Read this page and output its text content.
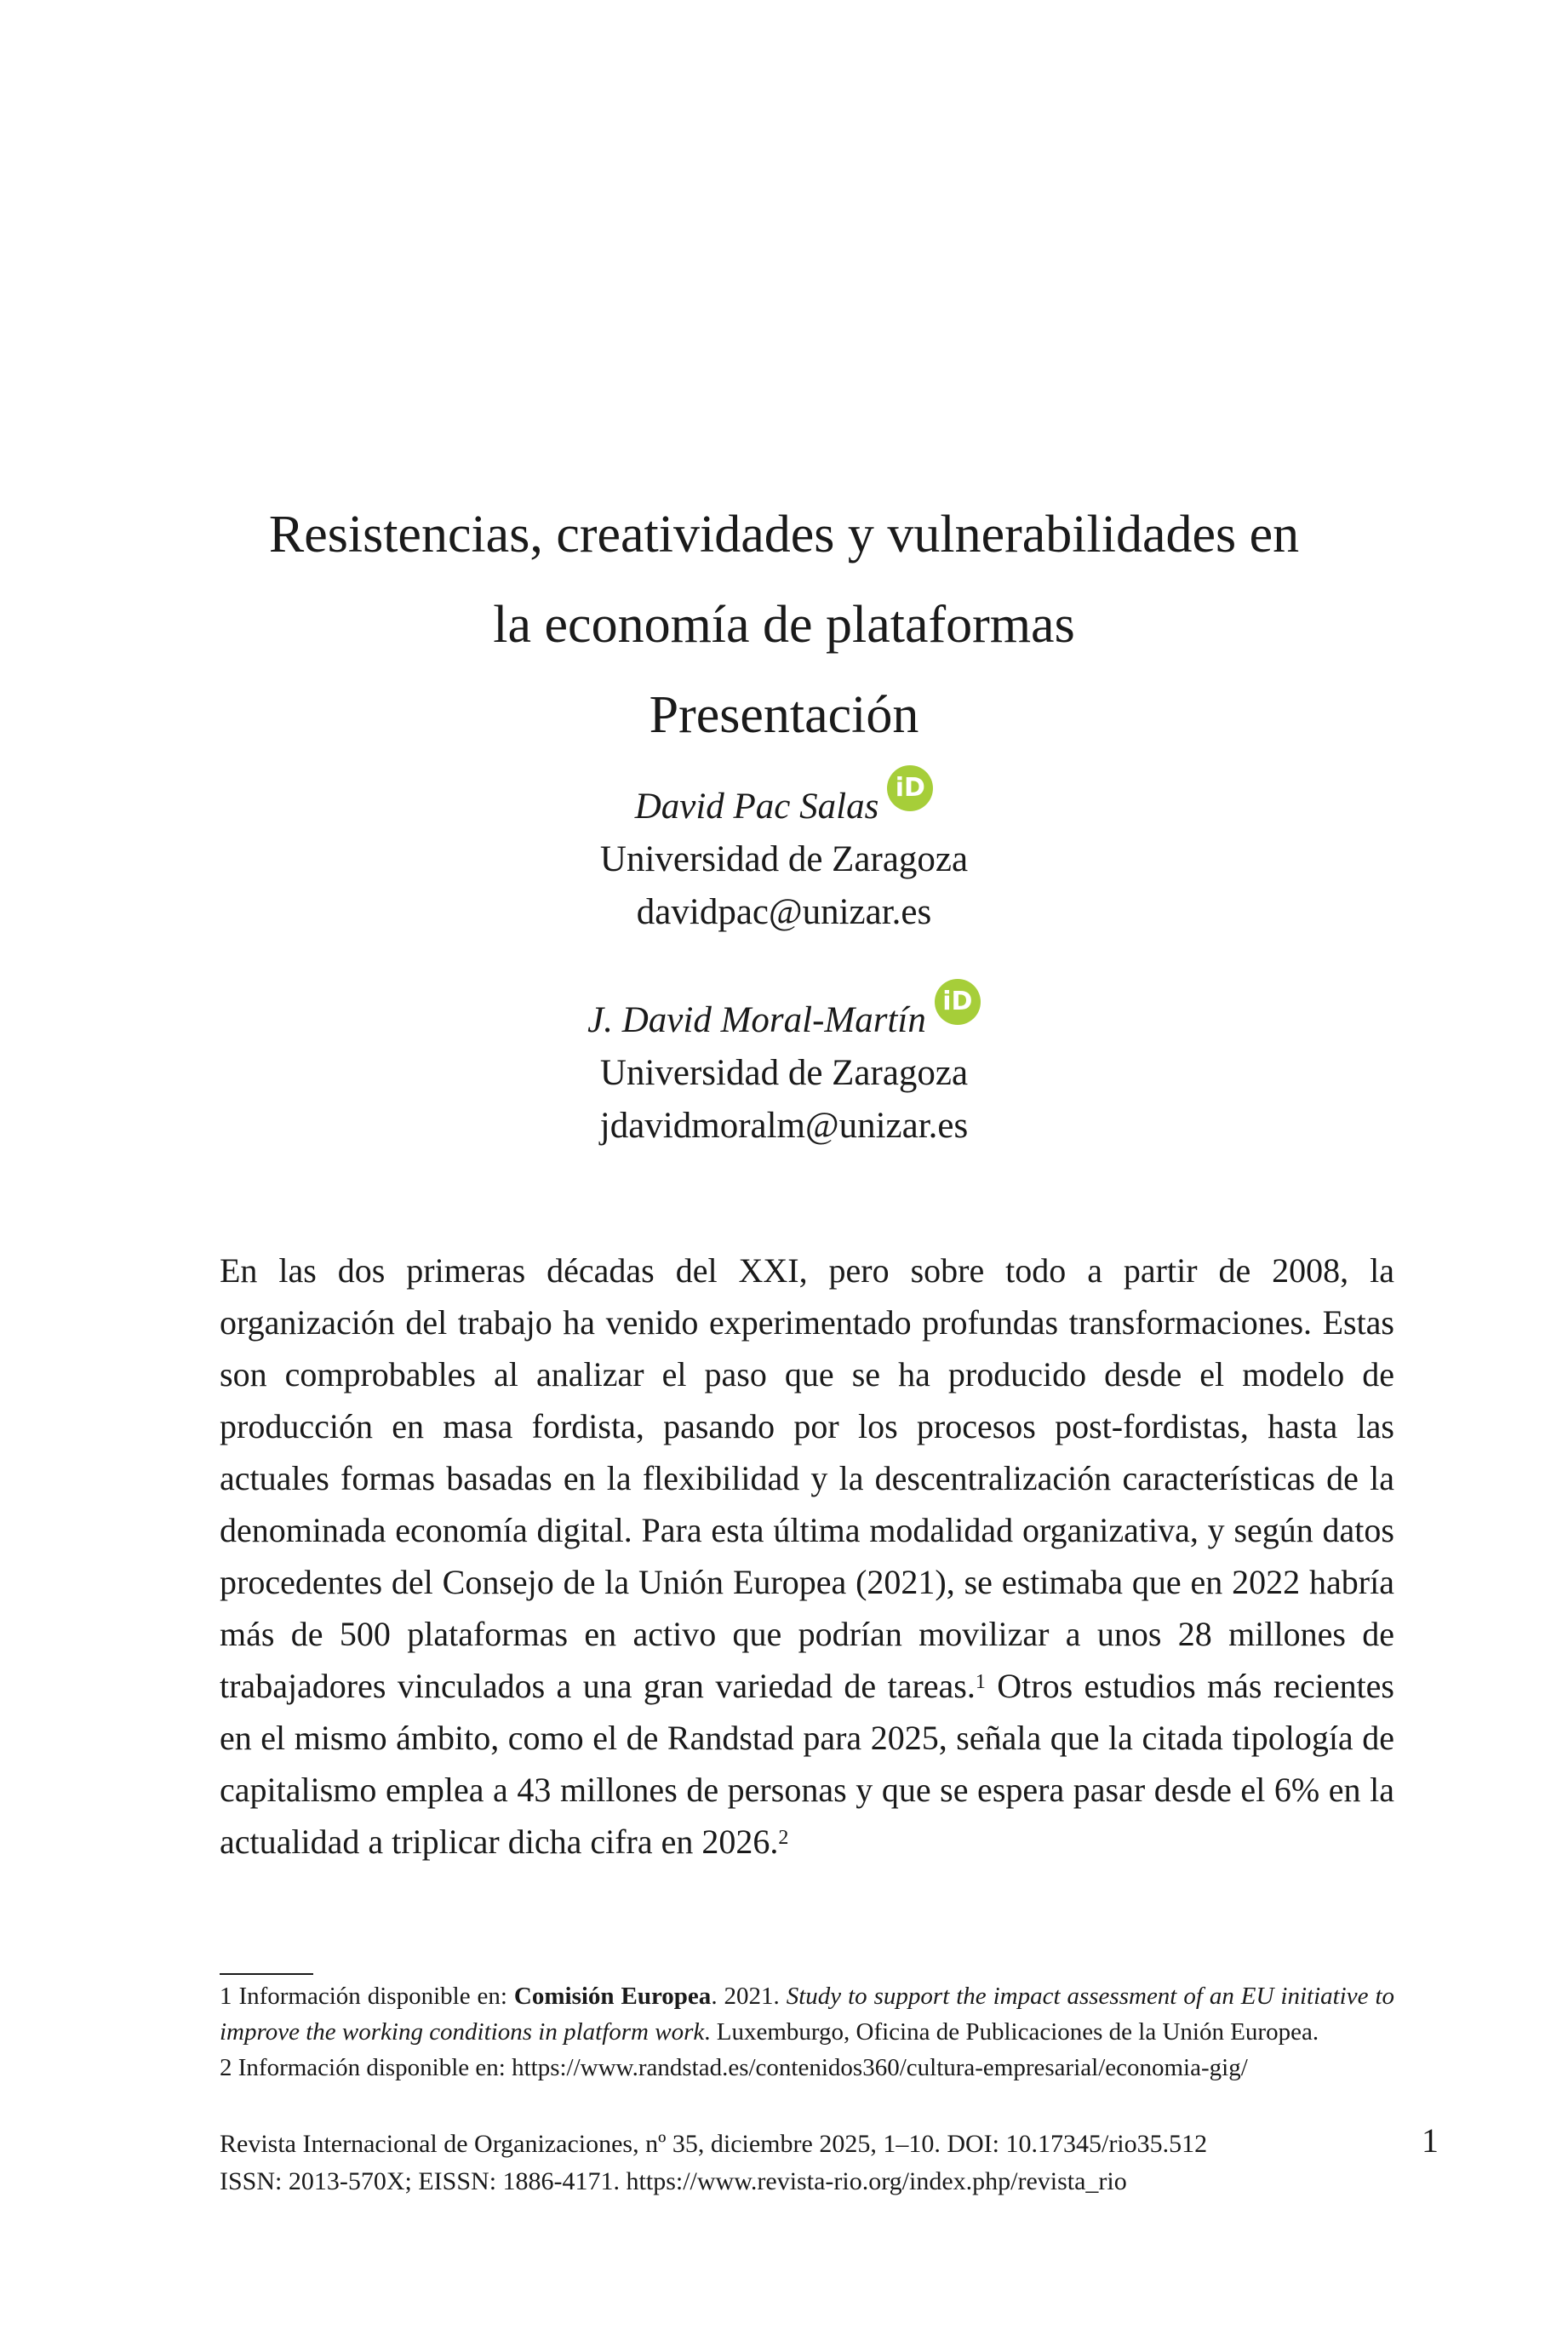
Resistencias, creatividades y vulnerabilidades en
la economía de plataformas
Presentación
David Pac Salas iD
Universidad de Zaragoza
davidpac@unizar.es
J. David Moral-Martín iD
Universidad de Zaragoza
jdavidmoralm@unizar.es

En las dos primeras décadas del XXI, pero sobre todo a partir de 2008, la organización del trabajo ha venido experimentado profundas transformaciones. Estas son comprobables al analizar el paso que se ha producido desde el modelo de producción en masa fordista, pasando por los procesos post-fordistas, hasta las actuales formas basadas en la flexibilidad y la descentralización características de la denominada economía digital. Para esta última modalidad organizativa, y según datos procedentes del Consejo de la Unión Europea (2021), se estimaba que en 2022 habría más de 500 plataformas en activo que podrían movilizar a unos 28 millones de trabajadores vinculados a una gran variedad de tareas.$^1$ Otros estudios más recientes en el mismo ámbito, como el de Randstad para 2025, señala que la citada tipología de capitalismo emplea a 43 millones de personas y que se espera pasar desde el 6% en la actualidad a triplicar dicha cifra en 2026.$^2$

1 Información disponible en: Comisión Europea. 2021. Study to support the impact assessment of an EU initiative to improve the working conditions in platform work. Luxemburgo, Oficina de Publicaciones de la Unión Europea.

2 Información disponible en: https://www.randstad.es/contenidos360/cultura-empresarial/economia-gig/

Revista Internacional de Organizaciones, nº 35, diciembre 2025, 1–10. DOI: 10.17345/rio35.512

ISSN: 2013-570X; EISSN: 1886-4171. https://www.revista-rio.org/index.php/revista_rio

1
